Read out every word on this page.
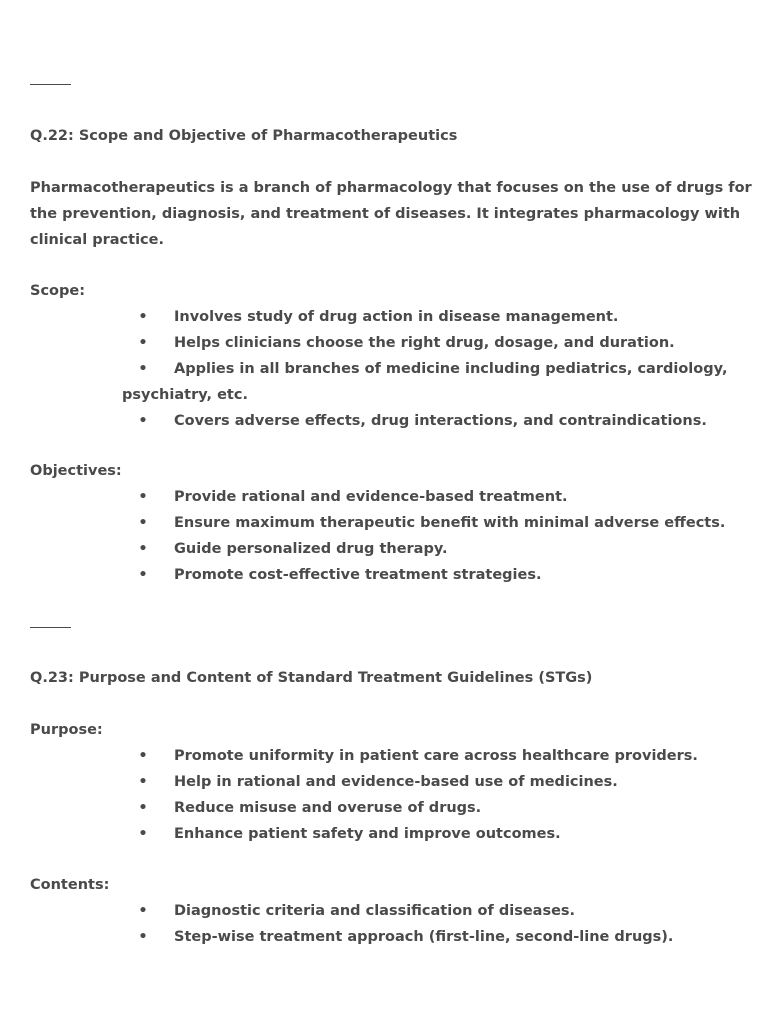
Q.22: Scope and Objective of Pharmacotherapeutics

Pharmacotherapeutics is a branch of pharmacology that focuses on the use of drugs for
the prevention, diagnosis, and treatment of diseases. It integrates pharmacology with
clinical practice.

Scope:

• Involves study of drug action in disease management.
• Helps clinicians choose the right drug, dosage, and duration.
• Applies in all branches of medicine including pediatrics, cardiology,
psychiatry, etc.
• Covers adverse effects, drug interactions, and contraindications.

Objectives:

• Provide rational and evidence-based treatment.
• Ensure maximum therapeutic benefit with minimal adverse effects.
• Guide personalized drug therapy.
• Promote cost-effective treatment strategies.
Q.23: Purpose and Content of Standard Treatment Guidelines (STGs)

Purpose:

• Promote uniformity in patient care across healthcare providers.
• Help in rational and evidence-based use of medicines.
• Reduce misuse and overuse of drugs.
• Enhance patient safety and improve outcomes.

Contents:

• Diagnostic criteria and classification of diseases.
• Step-wise treatment approach (first-line, second-line drugs).
